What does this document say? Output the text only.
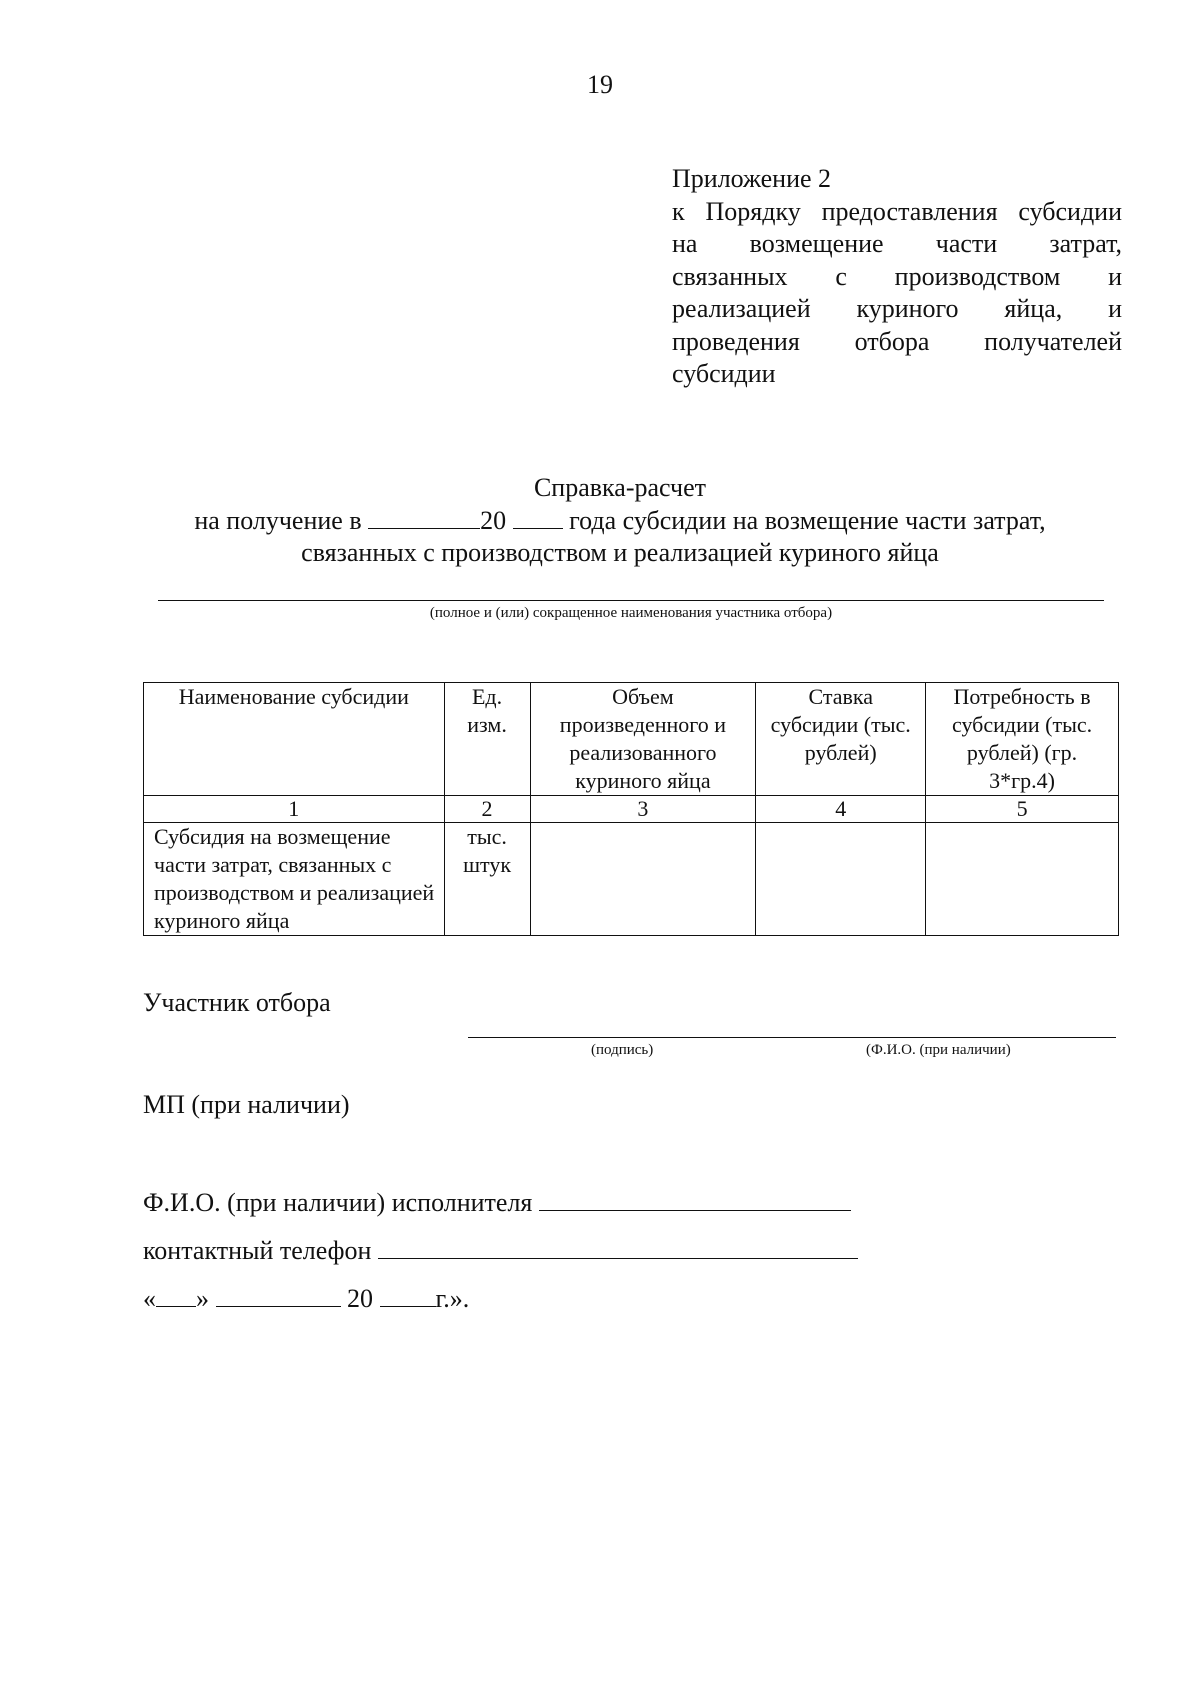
19
Приложение 2
к Порядку предоставления субсидии
на возмещение части затрат,
связанных с производством и
реализацией куриного яйца, и
проведения отбора получателей
субсидии
Справка-расчет
на получение в	20 года субсидии на возмещение части затрат,
связанных с производством и реализацией куриного яйца
(полное и (или) сокращенное наименования участника отбора)
Наименование субсидии	Ед. изм.	Объем произведенного и реализованного куриного яйца	Ставка субсидии (тыс. рублей)	Потребность в субсидии (тыс. рублей) (гр. 3*гр.4)
1	2	3	4	5
Субсидия на возмещение части затрат, связанных с производством и реализацией куриного яйца	тыс. штук			
Участник отбора
(подпись)	(Ф.И.О. (при наличии)
МП (при наличии)
Ф.И.О. (при наличии) исполнителя
контактный телефон
« »	20 г.».
